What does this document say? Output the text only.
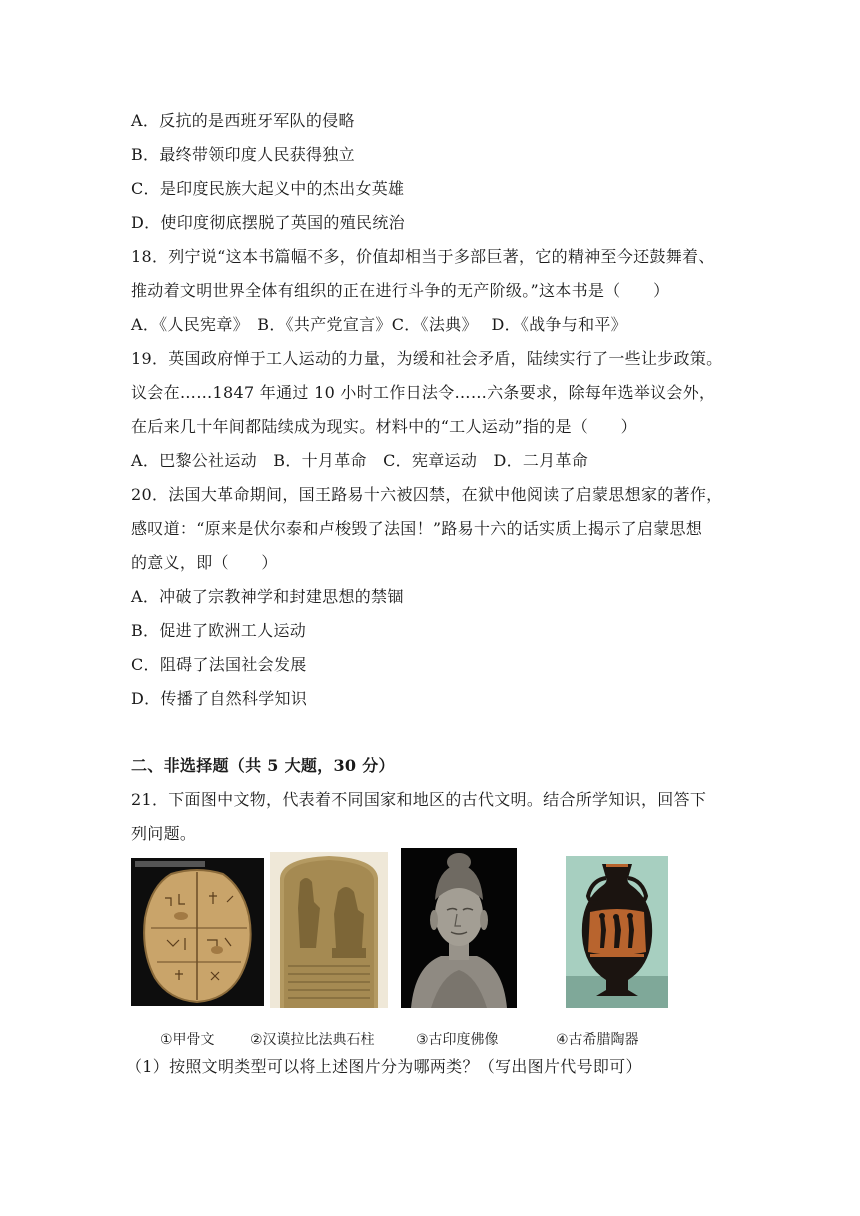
A．反抗的是西班牙军队的侵略
B．最终带领印度人民获得独立
C．是印度民族大起义中的杰出女英雄
D．使印度彻底摆脱了英国的殖民统治
18．列宁说“这本书篇幅不多，价值却相当于多部巨著，它的精神至今还鼓舞着、
推动着文明世界全体有组织的正在进行斗争的无产阶级。”这本书是（　　）
A．《人民宪章》　B．《共产党宣言》C．《法典》　 D．《战争与和平》
19．英国政府惮于工人运动的力量，为缓和社会矛盾，陆续实行了一些让步政策。
议会在……1847 年通过 10 小时工作日法令……六条要求，除每年选举议会外，
在后来几十年间都陆续成为现实。材料中的“工人运动”指的是（　　）
A．巴黎公社运动　B．十月革命　C．宪章运动　D．二月革命
20．法国大革命期间，国王路易十六被囚禁，在狱中他阅读了启蒙思想家的著作，
感叹道：“原来是伏尔泰和卢梭毁了法国！”路易十六的话实质上揭示了启蒙思想
的意义，即（　　）
A．冲破了宗教神学和封建思想的禁锢
B．促进了欧洲工人运动
C．阻碍了法国社会发展
D．传播了自然科学知识
二、非选择题（共 5 大题，30 分）
21．下面图中文物，代表着不同国家和地区的古代文明。结合所学知识，回答下
列问题。
①甲骨文	②汉谟拉比法典石柱	③古印度佛像	④古希腊陶器
（1）按照文明类型可以将上述图片分为哪两类？（写出图片代号即可）
